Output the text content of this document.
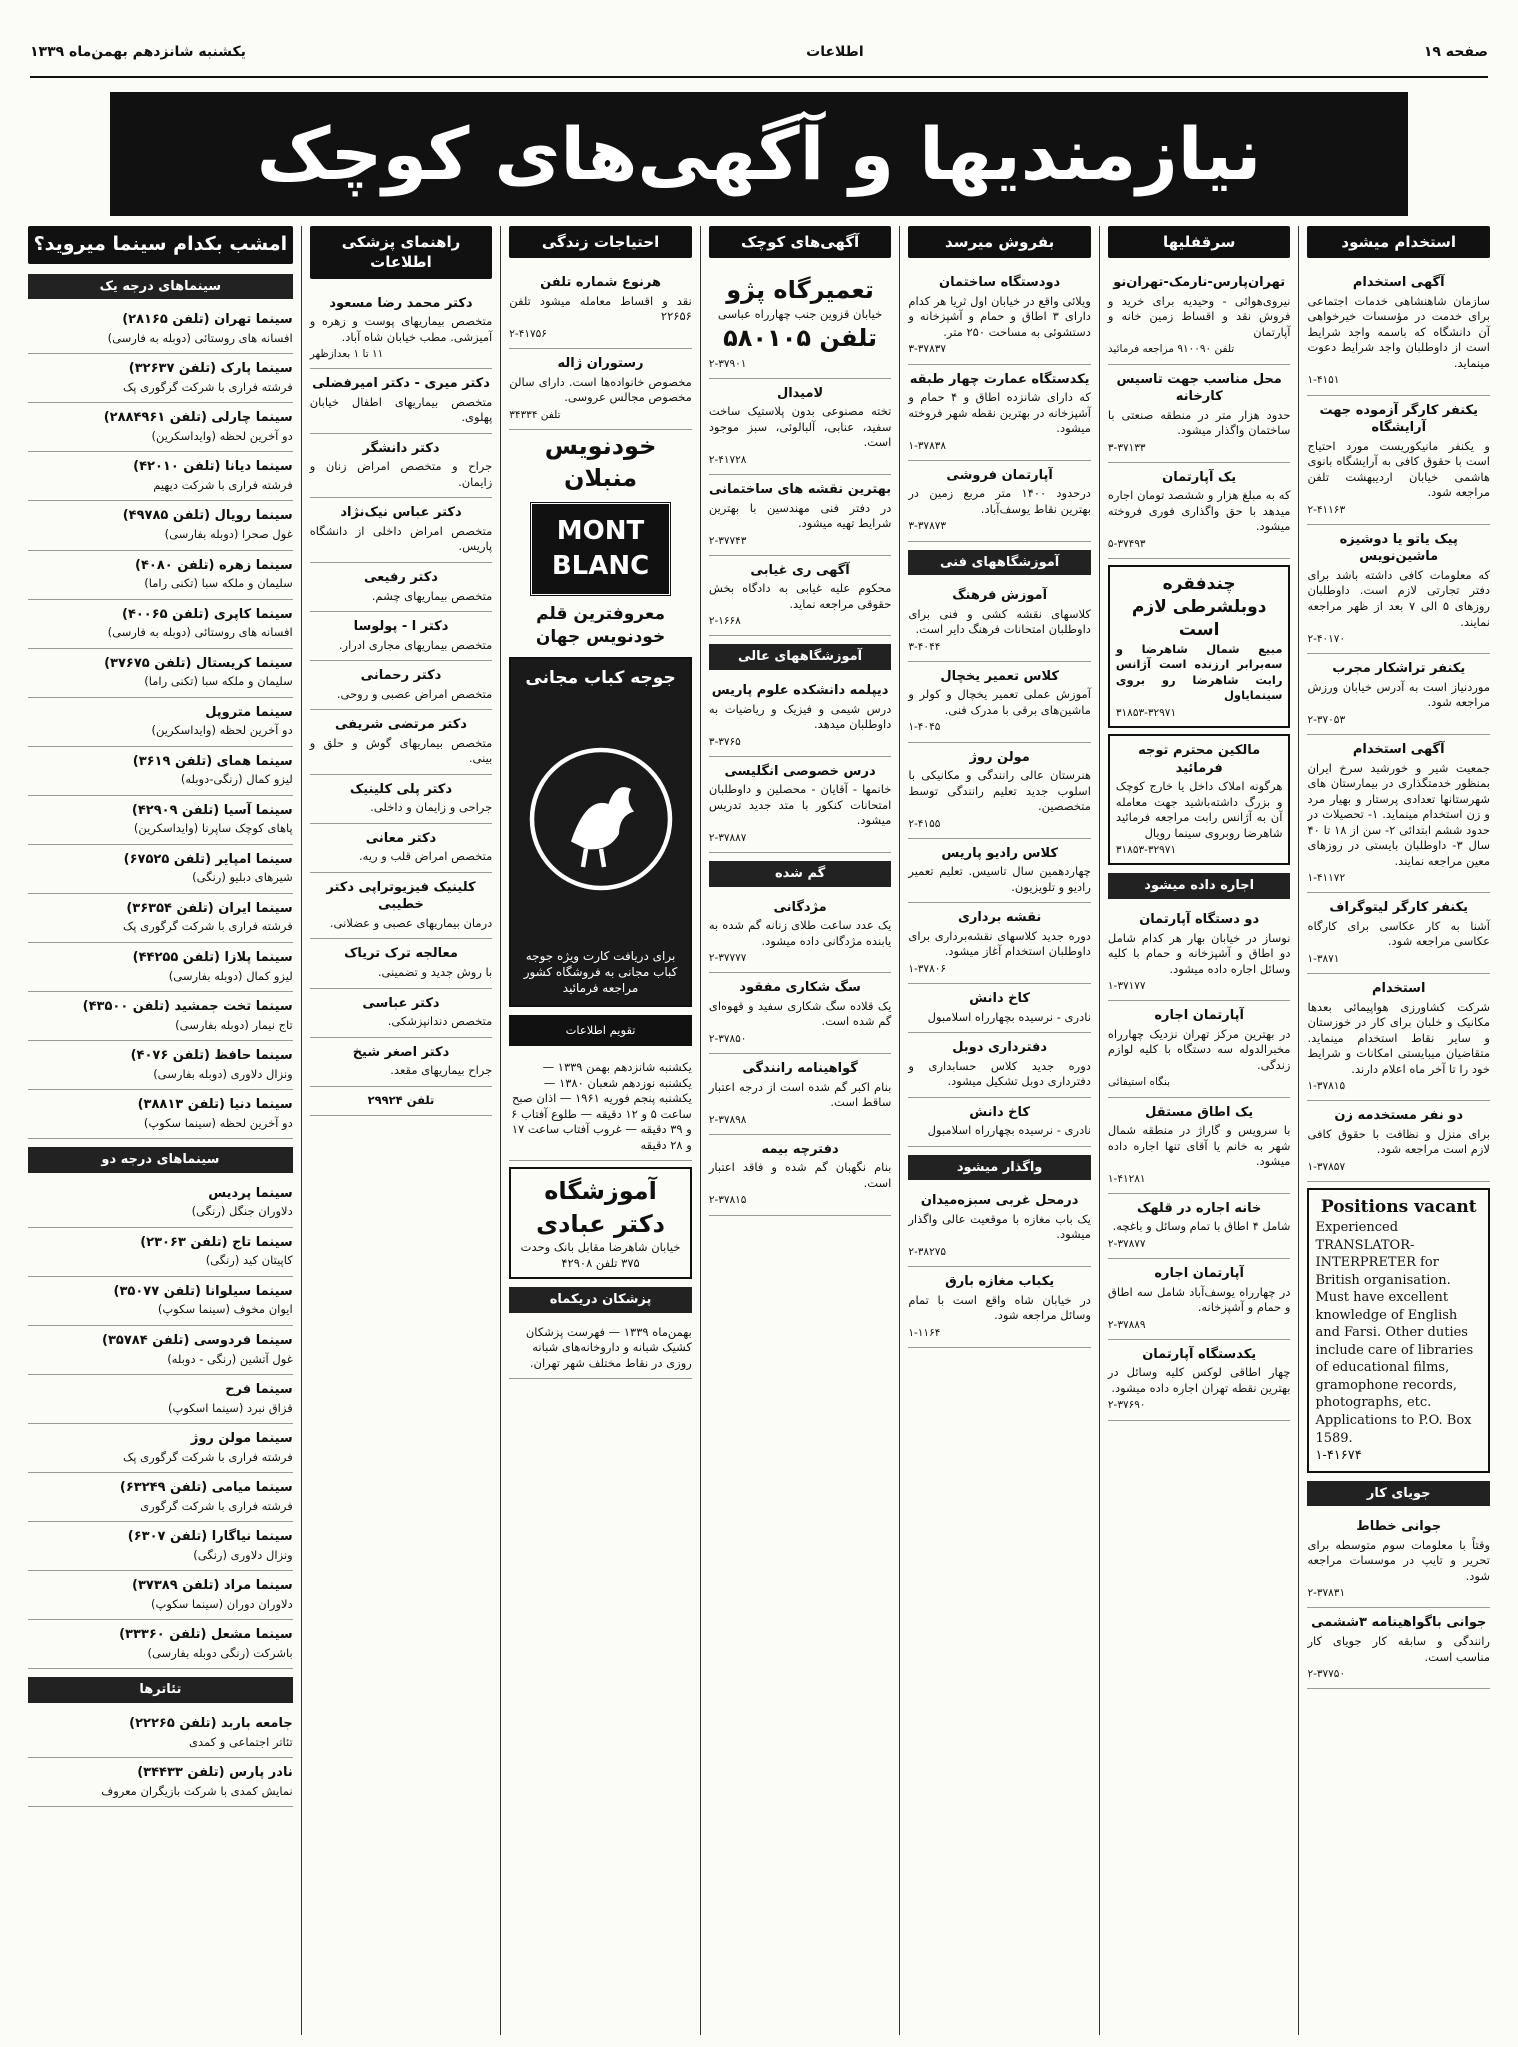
صفحه ۱۹
اطلاعات
یکشنبه شانزدهم بهمن‌ماه ۱۳۳۹
نیازمندیها و آگهی‌های کوچک
استخدام میشود
آگهی استخدام
سازمان شاهنشاهی خدمات اجتماعی برای خدمت در مؤسسات خیرخواهی آن دانشگاه که باسمه واجد شرایط است از داوطلبان واجد شرایط دعوت مینماید.
۱-۴۱۵۱
یکنفر کارگر آزموده جهت آرایشگاه
و یکنفر مانیکوریست مورد احتیاج است با حقوق کافی به آرایشگاه بانوی هاشمی خیابان اردیبهشت تلفن مراجعه شود.
۲-۴۱۱۶۳
پیک یاتو یا دوشیزه ماشین‌نویس
که معلومات کافی داشته باشد برای دفتر تجارتی لازم است. داوطلبان روزهای ۵ الی ۷ بعد از ظهر مراجعه نمایند.
۲-۴۰۱۷۰
یکنفر تراشکار مجرب
موردنیاز است به آدرس خیابان ورزش مراجعه شود.
۲-۳۷۰۵۳
آگهی استخدام
جمعیت شیر و خورشید سرخ ایران بمنظور خدمتگذاری در بیمارستان های شهرستانها تعدادی پرستار و بهیار مرد و زن استخدام مینماید. ۱- تحصیلات در حدود ششم ابتدائی ۲- سن از ۱۸ تا ۴۰ سال ۳- داوطلبان بایستی در روزهای معین مراجعه نمایند.
۱-۴۱۱۷۲
یکنفر کارگر لیتوگراف
آشنا به کار عکاسی برای کارگاه عکاسی مراجعه شود.
۱-۳۸۷۱
استخدام
شرکت کشاورزی هواپیمائی بعدها مکانیک و خلبان برای کار در خوزستان و سایر نقاط استخدام مینماید. متقاضیان میبایستی امکانات و شرایط خود را تا آخر ماه اعلام دارند.
۱-۳۷۸۱۵
دو نفر مستخدمه زن
برای منزل و نظافت با حقوق کافی لازم است مراجعه شود.
۱-۳۷۸۵۷
Positions vacant
Experienced TRANSLATOR-INTERPRETER for British organisation. Must have excellent knowledge of English and Farsi. Other duties include care of libraries of educational films, gramophone records, photographs, etc. Applications to P.O. Box 1589.
۱-۴۱۶۷۴
جویای کار
جوانی خطاط
وقتاً با معلومات سوم متوسطه برای تحریر و تایپ در موسسات مراجعه شود.
۲-۳۷۸۳۱
جوانی باگواهینامه ۳ششمی
رانندگی و سابقه کار جویای کار مناسب است.
۲-۳۷۷۵۰
سرقفلیها
تهران‌پارس-نارمک-تهران‌نو
نیروی‌هوائی - وحیدیه برای خرید و فروش نقد و اقساط زمین خانه و آپارتمان
تلفن ۹۱۰۰۹۰ مراجعه فرمائید
محل مناسب جهت تاسیس کارخانه
حدود هزار متر در منطقه صنعتی با ساختمان واگذار میشود.
۳-۳۷۱۳۳
یک آپارتمان
که به مبلغ هزار و ششصد تومان اجاره میدهد با حق واگذاری فوری فروخته میشود.
۵-۳۷۴۹۳
چندفقره دو‌بلشرطی لازم است
مبیع شمال شاهرضا و سه‌برابر ارزنده است آژانس رابت شاهرضا رو بروی سینمایاول
۳۱۸۵۳-۳۲۹۷۱
مالکین محترم توجه فرمائید
هرگونه املاک داخل یا خارج کوچک و بزرگ داشته‌باشید جهت معامله آن به آژانس رابت مراجعه فرمائید شاهرضا روبروی سینما رویال
۳۱۸۵۳-۳۲۹۷۱
اجاره داده میشود
دو دستگاه آپارتمان
نوساز در خیابان بهار هر کدام شامل دو اطاق و آشپزخانه و حمام با کلیه وسائل اجاره داده میشود.
۱-۳۷۱۷۷
آپارتمان اجاره
در بهترین مرکز تهران نزدیک چهارراه مخبرالدوله سه دستگاه با کلیه لوازم زندگی.
بنگاه استیفائی
یک اطاق مستقل
با سرویس و گاراژ در منطقه شمال شهر به خانم یا آقای تنها اجاره داده میشود.
۱-۴۱۲۸۱
خانه اجاره در قلهک
شامل ۴ اطاق با تمام وسائل و باغچه.
۲-۳۷۸۷۷
آپارتمان اجاره
در چهارراه یوسف‌آباد شامل سه اطاق و حمام و آشپزخانه.
۲-۳۷۸۸۹
یکدستگاه آپارتمان
چهار اطاقی لوکس کلیه وسائل در بهترین نقطه تهران اجاره داده میشود.
۲-۳۷۶۹۰
بفروش میرسد
دودستگاه ساختمان
ویلائی واقع در خیابان اول ثریا هر کدام دارای ۳ اطاق و حمام و آشپزخانه و دستشوئی به مساحت ۲۵۰ متر.
۳-۳۷۸۳۷
یکدستگاه عمارت چهار طبقه
که دارای شانزده اطاق و ۴ حمام و آشپزخانه در بهترین نقطه شهر فروخته میشود.
۱-۳۷۸۳۸
آپارتمان فروشی
درحدود ۱۴۰۰ متر مربع زمین در بهترین نقاط یوسف‌آباد.
۳-۳۷۸۷۳
آموزشگاههای فنی
آموزش فرهنگ
کلاسهای نقشه کشی و فنی برای داوطلبان امتحانات فرهنگ دایر است.
۳-۴۰۴۴
کلاس تعمیر یخچال
آموزش عملی تعمیر یخچال و کولر و ماشین‌های برقی با مدرک فنی.
۱-۴۰۴۵
مولن روژ
هنرستان عالی رانندگی و مکانیکی با اسلوب جدید تعلیم رانندگی توسط متخصصین.
۲-۴۱۵۵
کلاس رادیو پاریس
چهاردهمین سال تاسیس. تعلیم تعمیر رادیو و تلویزیون.
نقشه برداری
دوره جدید کلاسهای نقشه‌برداری برای داوطلبان استخدام آغاز میشود.
۱-۳۷۸۰۶
کاخ دانش
نادری - نرسیده بچهارراه اسلامبول
دفترداری دوبل
دوره جدید کلاس حسابداری و دفترداری دوبل تشکیل میشود.
کاخ دانش
نادری - نرسیده بچهارراه اسلامبول
واگذار میشود
درمحل غربی سبزه‌میدان
یک باب مغازه با موقعیت عالی واگذار میشود.
۲-۳۸۲۷۵
یکباب مغازه بارق
در خیابان شاه واقع است با تمام وسائل مراجعه شود.
۱-۱۱۶۴
آگهی‌های کوچک
تعمیرگاه پژو
خیابان قزوین جنب چهارراه عباسی
تلفن ۵۸۰۱۰۵
۲-۳۷۹۰۱
لامیدال
تخته مصنوعی بدون پلاستیک ساخت سفید، عنابی، آلبالوئی، سبز موجود است.
۲-۴۱۷۲۸
بهترین نقشه های ساختمانی
در دفتر فنی مهندسین با بهترین شرایط تهیه میشود.
۲-۳۷۷۴۳
آگهی ری غیابی
محکوم علیه غیابی به دادگاه بخش حقوقی مراجعه نماید.
۲-۱۶۶۸
آموزشگاههای عالی
دیپلمه دانشکده علوم پاریس
درس شیمی و فیزیک و ریاضیات به داوطلبان میدهد.
۳-۳۷۶۵
درس خصوصی انگلیسی
خانمها - آقایان - محصلین و داوطلبان امتحانات کنکور با متد جدید تدریس میشود.
۲-۳۷۸۸۷
گم شده
مژدگانی
یک عدد ساعت طلای زنانه گم شده به یابنده مژدگانی داده میشود.
۲-۳۷۷۷۷
سگ شکاری مفقود
یک قلاده سگ شکاری سفید و قهوه‌ای گم شده است.
۲-۳۷۸۵۰
گواهینامه رانندگی
بنام اکبر گم شده است از درجه اعتبار ساقط است.
۲-۳۷۸۹۸
دفترچه بیمه
بنام نگهبان گم شده و فاقد اعتبار است.
۲-۳۷۸۱۵
احتیاجات زندگی
هرنوع شماره تلفن
نقد و اقساط معامله میشود تلفن ۲۲۶۵۶
۲-۴۱۷۵۶
رستوران ژاله
مخصوص خانواده‌ها است. دارای سالن مخصوص مجالس عروسی.
تلفن ۳۴۳۳۴
خودنویس منبلان
MONT BLANC
معروفترین قلم خودنویس جهان
جوجه کباب مجانی
برای دریافت کارت ویژه جوجه کباب مجانی به فروشگاه کشور مراجعه فرمائید
تقویم اطلاعات
یکشنبه شانزدهم بهمن ۱۳۳۹ — یکشنبه نوزدهم شعبان ۱۳۸۰ — یکشنبه پنجم فوریه ۱۹۶۱ — اذان صبح ساعت ۵ و ۱۲ دقیقه — طلوع آفتاب ۶ و ۳۹ دقیقه — غروب آفتاب ساعت ۱۷ و ۲۸ دقیقه
آموزشگاه دکتر عبادی
خیابان شاهرضا مقابل بانک وحدت ۳۷۵ تلفن ۴۲۹۰۸
پزشکان دریکماه
بهمن‌ماه ۱۳۳۹ — فهرست پزشکان کشیک شبانه و داروخانه‌های شبانه روزی در نقاط مختلف شهر تهران.
راهنمای پزشکی اطلاعات
دکتر محمد رضا مسعود
متخصص بیماریهای پوست و زهره و آمیزشی. مطب خیابان شاه آباد.
۱۱ تا ۱ بعدازظهر
دکتر میری - دکتر امیرفضلی
متخصص بیماریهای اطفال خیابان پهلوی.
دکتر دانشگر
جراح و متخصص امراض زنان و زایمان.
دکتر عباس نیک‌نژاد
متخصص امراض داخلی از دانشگاه پاریس.
دکتر رفیعی
متخصص بیماریهای چشم.
دکتر ا - پولوسا
متخصص بیماریهای مجاری ادرار.
دکتر رحمانی
متخصص امراض عصبی و روحی.
دکتر مرتضی شریفی
متخصص بیماریهای گوش و حلق و بینی.
دکتر پلی کلینیک
جراحی و زایمان و داخلی.
دکتر معانی
متخصص امراض قلب و ریه.
کلینیک فیزیوتراپی دکتر خطیبی
درمان بیماریهای عصبی و عضلانی.
معالجه ترک تریاک
با روش جدید و تضمینی.
دکتر عباسی
متخصص دندانپزشکی.
دکتر اصغر شیخ
جراح بیماریهای مقعد.
تلفن ۲۹۹۲۴
امشب بکدام سینما میروید؟
سینماهای درجه یک
سینما تهران (تلفن ۲۸۱۶۵)
افسانه های روستائی (دوبله به فارسی)
سینما پارک (تلفن ۳۲۶۳۷)
فرشته فراری با شرکت گرگوری پک
سینما چارلی (تلفن ۲۸۸۴۹۶۱)
دو آخرین لحظه (وایداسکرین)
سینما دیانا (تلفن ۴۲۰۱۰)
فرشته فراری با شرکت دیهیم
سینما رویال (تلفن ۴۹۷۸۵)
غول صحرا (دوبله بفارسی)
سینما زهره (تلفن ۴۰۸۰)
سلیمان و ملکه سبا (تکنی راما)
سینما کاپری (تلفن ۴۰۰۶۵)
افسانه های روستائی (دوبله به فارسی)
سینما کریستال (تلفن ۳۷۶۷۵)
سلیمان و ملکه سبا (تکنی راما)
سینما متروپل
دو آخرین لحظه (وایداسکرین)
سینما همای (تلفن ۳۶۱۹)
لیزو کمال (رنگی-دوبله)
سینما آسیا (تلفن ۴۲۹۰۹)
پاهای کوچک ساپرنا (وایداسکرین)
سینما امپایر (تلفن ۶۷۵۲۵)
شیرهای دبلیو (رنگی)
سینما ایران (تلفن ۳۶۳۵۴)
فرشته فراری با شرکت گرگوری پک
سینما پلازا (تلفن ۴۴۲۵۵)
لیزو کمال (دوبله بفارسی)
سینما تخت جمشید (تلفن ۴۳۵۰۰)
تاج نیمار (دوبله بفارسی)
سینما حافظ (تلفن ۴۰۷۶)
ونزال دلاوری (دوبله بفارسی)
سینما دنیا (تلفن ۳۸۸۱۳)
دو آخرین لحظه (سینما سکوپ)
سینماهای درجه دو
سینما پردیس
دلاوران جنگل (رنگی)
سینما تاج (تلفن ۲۳۰۶۳)
کاپیتان کید (رنگی)
سینما سیلوانا (تلفن ۳۵۰۷۷)
ایوان مخوف (سینما سکوپ)
سینما فردوسی (تلفن ۳۵۷۸۴)
غول آتشین (رنگی - دوبله)
سینما فرح
قزاق نبرد (سینما اسکوپ)
سینما مولن روژ
فرشته فراری با شرکت گرگوری پک
سینما میامی (تلفن ۶۳۲۴۹)
فرشته فراری با شرکت گرگوری
سینما نیاگارا (تلفن ۶۳۰۷)
ونزال دلاوری (رنگی)
سینما مراد (تلفن ۳۷۳۸۹)
دلاوران دوران (سینما سکوپ)
سینما مشعل (تلفن ۳۳۳۶۰)
باشرکت (رنگی دوبله بفارسی)
تئاترها
جامعه باربد (تلفن ۲۲۲۶۵)
تئاتر اجتماعی و کمدی
نادر پارس (تلفن ۳۴۴۳۳)
نمایش کمدی با شرکت بازیگران معروف
